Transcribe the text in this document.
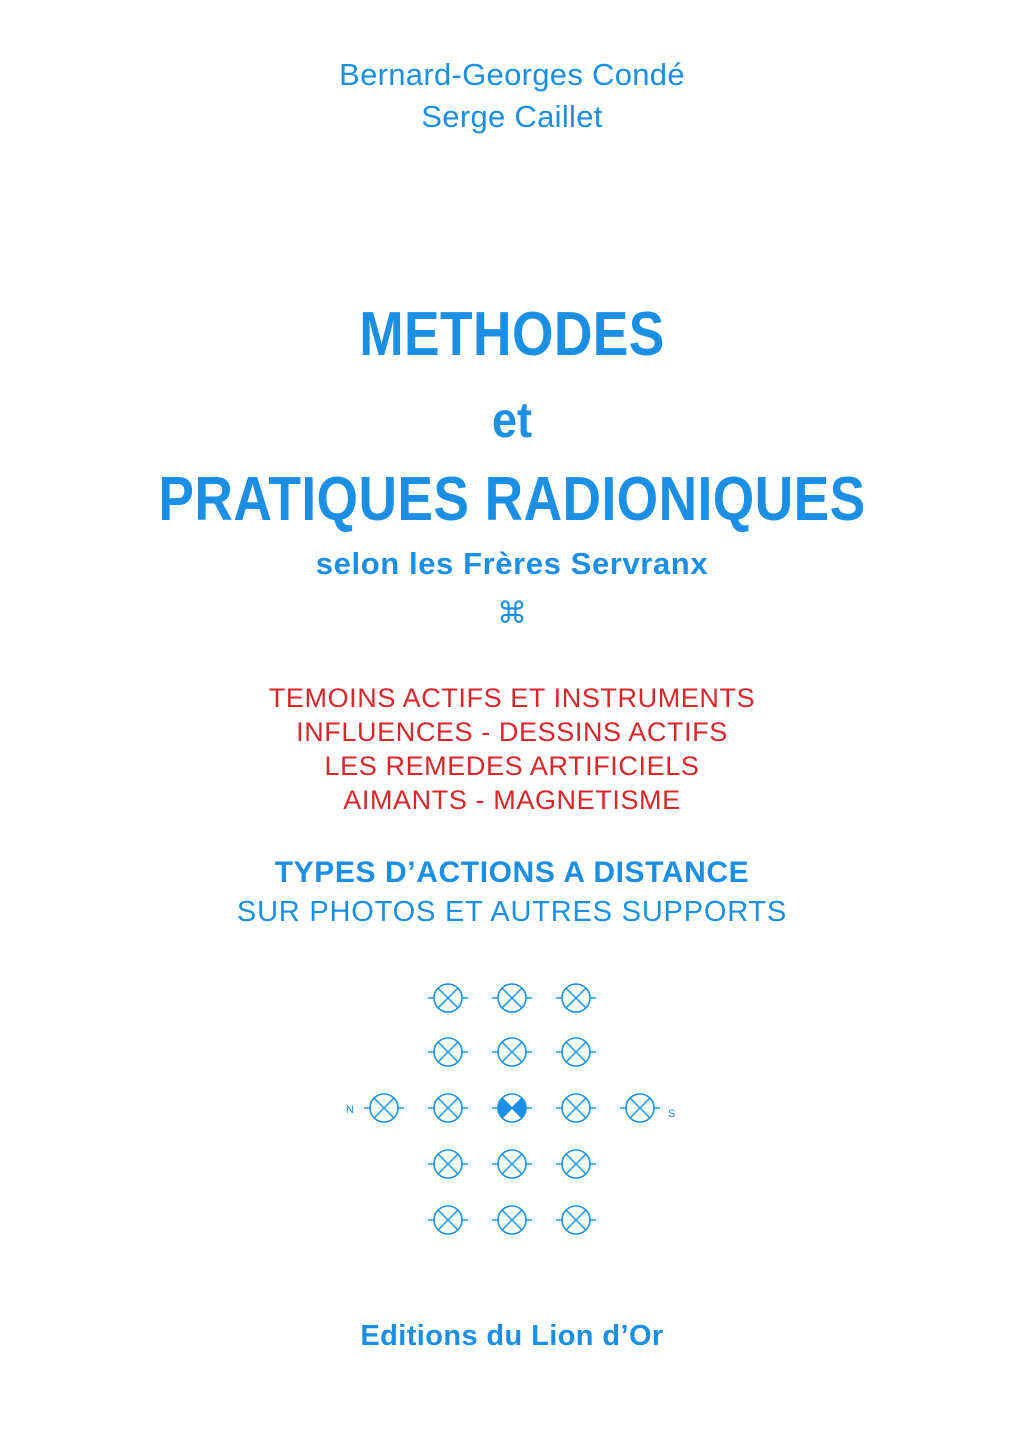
Bernard-Georges Condé
Serge Caillet
METHODES
et
PRATIQUES RADIONIQUES
selon les Frères Servranx
⌘
TEMOINS ACTIFS ET INSTRUMENTS
INFLUENCES - DESSINS ACTIFS
LES REMEDES ARTIFICIELS
AIMANTS - MAGNETISME
TYPES D’ACTIONS A DISTANCE
SUR PHOTOS ET AUTRES SUPPORTS
N	S
Editions du Lion d’Or
